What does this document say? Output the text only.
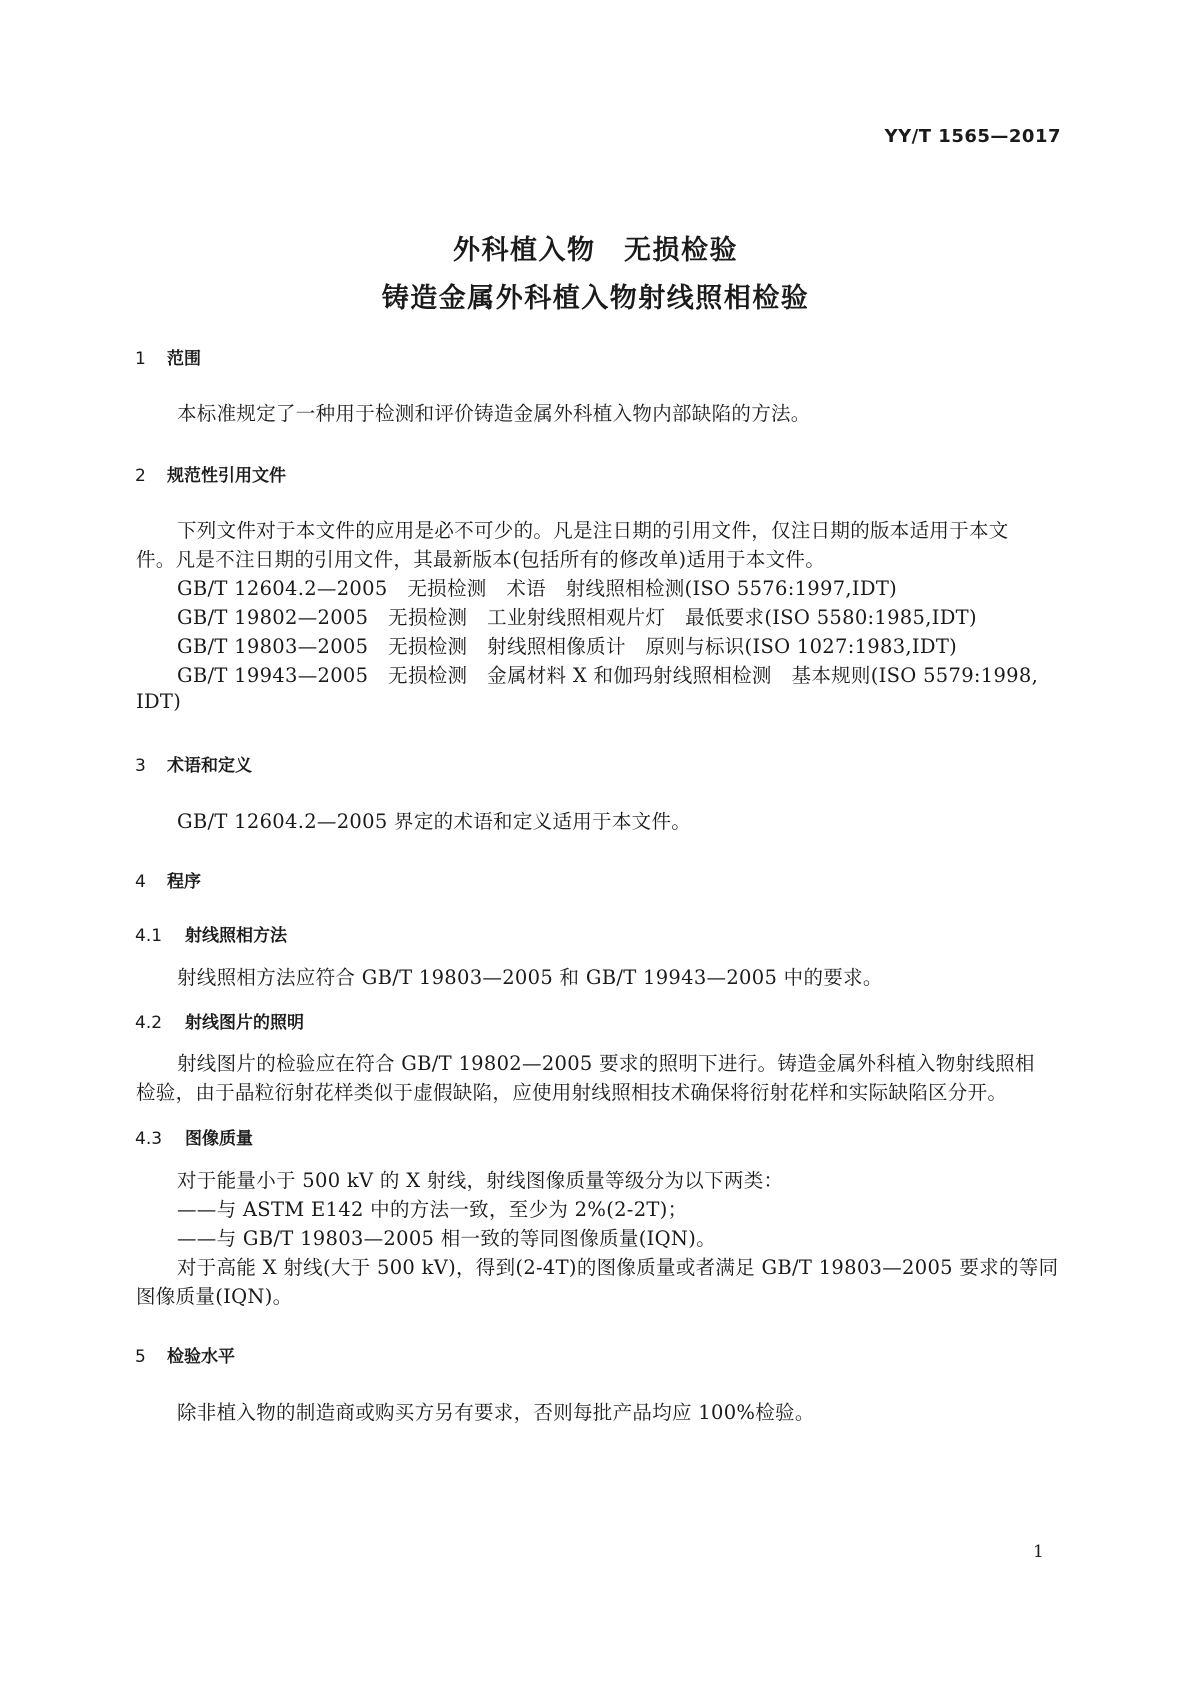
YY/T 1565—2017
外科植入物　无损检验
铸造金属外科植入物射线照相检验
1 范围
本标准规定了一种用于检测和评价铸造金属外科植入物内部缺陷的方法。
2 规范性引用文件
下列文件对于本文件的应用是必不可少的。凡是注日期的引用文件，仅注日期的版本适用于本文
件。凡是不注日期的引用文件，其最新版本(包括所有的修改单)适用于本文件。
GB/T 12604.2—2005　无损检测　术语　射线照相检测(ISO 5576:1997,IDT)
GB/T 19802—2005　无损检测　工业射线照相观片灯　最低要求(ISO 5580:1985,IDT)
GB/T 19803—2005　无损检测　射线照相像质计　原则与标识(ISO 1027:1983,IDT)
GB/T 19943—2005　无损检测　金属材料 X 和伽玛射线照相检测　基本规则(ISO 5579:1998,
IDT)
3 术语和定义
GB/T 12604.2—2005 界定的术语和定义适用于本文件。
4 程序
4.1 射线照相方法
射线照相方法应符合 GB/T 19803—2005 和 GB/T 19943—2005 中的要求。
4.2 射线图片的照明
射线图片的检验应在符合 GB/T 19802—2005 要求的照明下进行。铸造金属外科植入物射线照相
检验，由于晶粒衍射花样类似于虚假缺陷，应使用射线照相技术确保将衍射花样和实际缺陷区分开。
4.3 图像质量
对于能量小于 500 kV 的 X 射线，射线图像质量等级分为以下两类：
——与 ASTM E142 中的方法一致，至少为 2%(2-2T)；
——与 GB/T 19803—2005 相一致的等同图像质量(IQN)。
对于高能 X 射线(大于 500 kV)，得到(2-4T)的图像质量或者满足 GB/T 19803—2005 要求的等同
图像质量(IQN)。
5 检验水平
除非植入物的制造商或购买方另有要求，否则每批产品均应 100%检验。
1
